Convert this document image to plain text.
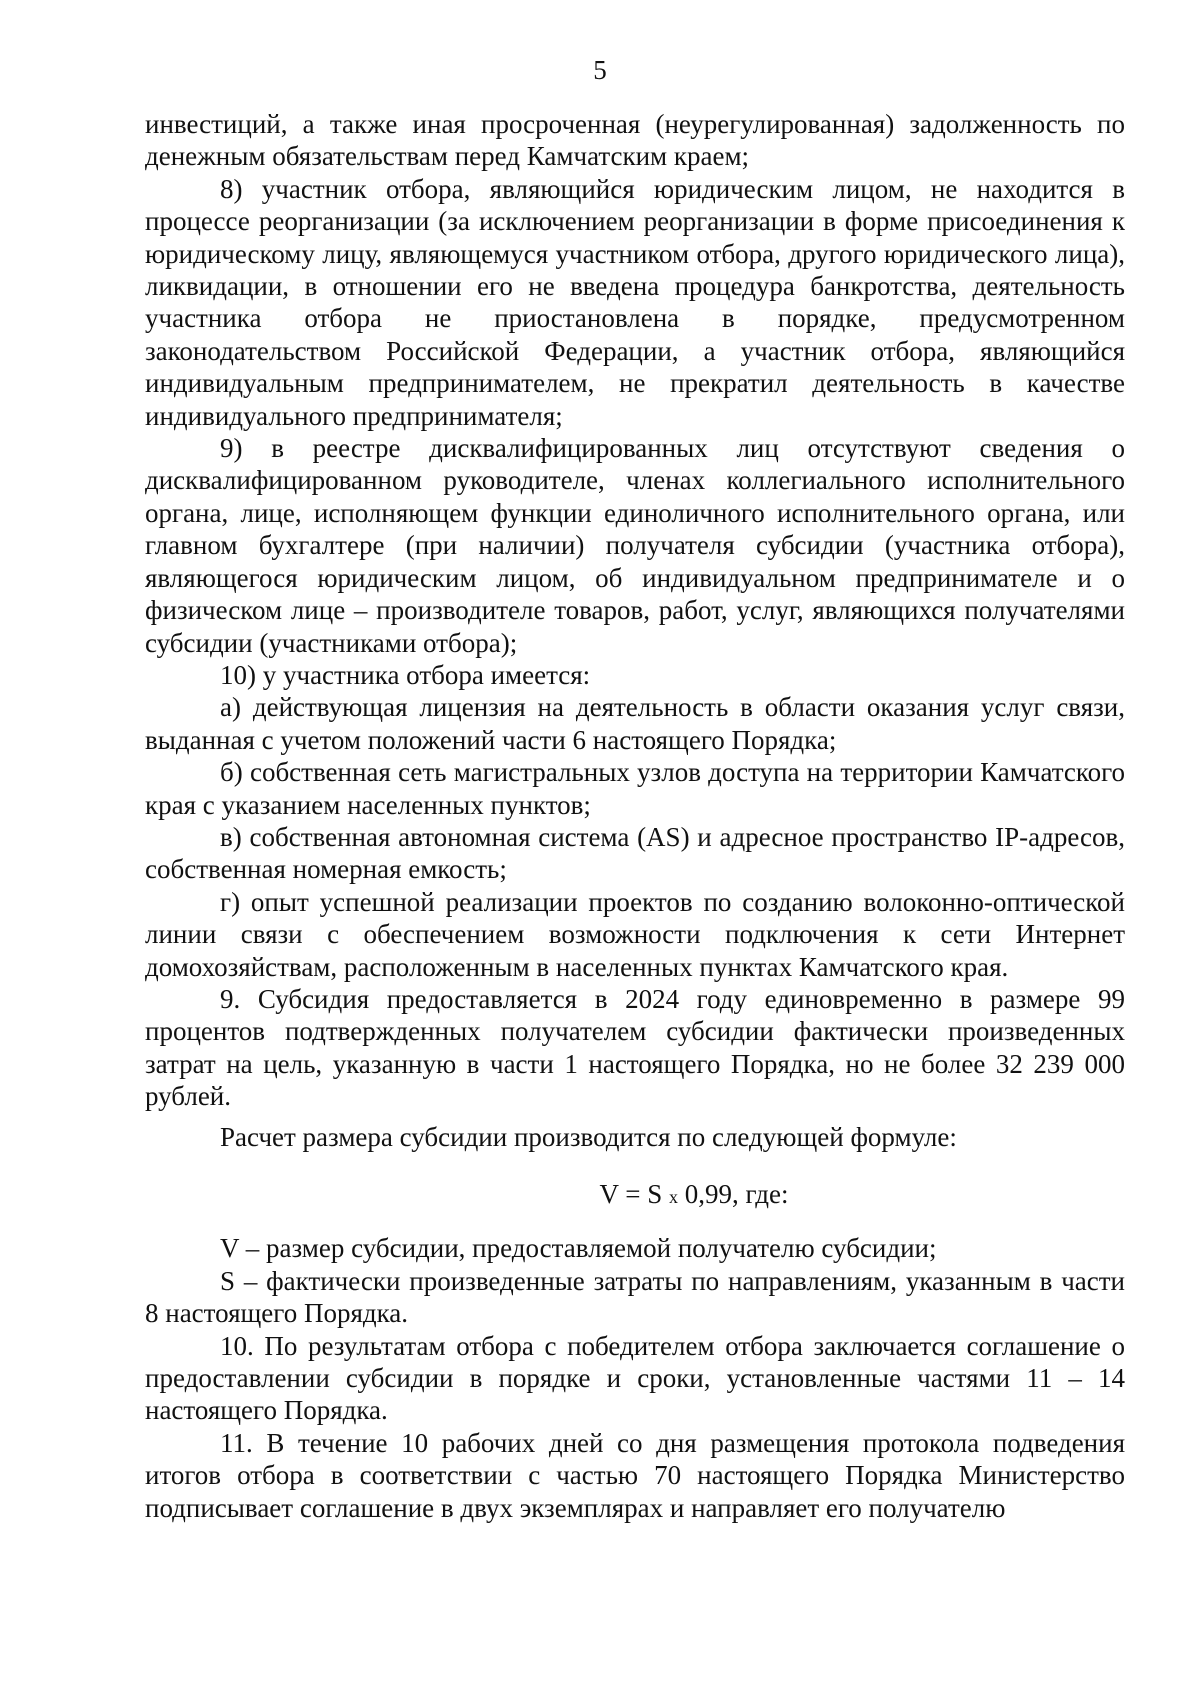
5

инвестиций, а также иная просроченная (неурегулированная) задолженность по денежным обязательствам перед Камчатским краем;

8) участник отбора, являющийся юридическим лицом, не находится в процессе реорганизации (за исключением реорганизации в форме присоединения к юридическому лицу, являющемуся участником отбора, другого юридического лица), ликвидации, в отношении его не введена процедура банкротства, деятельность участника отбора не приостановлена в порядке, предусмотренном законодательством Российской Федерации, а участник отбора, являющийся индивидуальным предпринимателем, не прекратил деятельность в качестве индивидуального предпринимателя;

9) в реестре дисквалифицированных лиц отсутствуют сведения о дисквалифицированном руководителе, членах коллегиального исполнительного органа, лице, исполняющем функции единоличного исполнительного органа, или главном бухгалтере (при наличии) получателя субсидии (участника отбора), являющегося юридическим лицом, об индивидуальном предпринимателе и о физическом лице – производителе товаров, работ, услуг, являющихся получателями субсидии (участниками отбора);

10) у участника отбора имеется:

а) действующая лицензия на деятельность в области оказания услуг связи, выданная с учетом положений части 6 настоящего Порядка;

б) собственная сеть магистральных узлов доступа на территории Камчатского края с указанием населенных пунктов;

в) собственная автономная система (AS) и адресное пространство IP-адресов, собственная номерная емкость;

г) опыт успешной реализации проектов по созданию волоконно-оптической линии связи с обеспечением возможности подключения к сети Интернет домохозяйствам, расположенным в населенных пунктах Камчатского края.

9. Субсидия предоставляется в 2024 году единовременно в размере 99 процентов подтвержденных получателем субсидии фактически произведенных затрат на цель, указанную в части 1 настоящего Порядка, но не более 32 239 000 рублей.

Расчет размера субсидии производится по следующей формуле:

V = S x 0,99, где:

V – размер субсидии, предоставляемой получателю субсидии;

S – фактически произведенные затраты по направлениям, указанным в части 8 настоящего Порядка.

10. По результатам отбора с победителем отбора заключается соглашение о предоставлении субсидии в порядке и сроки, установленные частями 11 – 14 настоящего Порядка.

11. В течение 10 рабочих дней со дня размещения протокола подведения итогов отбора в соответствии с частью 70 настоящего Порядка Министерство подписывает соглашение в двух экземплярах и направляет его получателю
